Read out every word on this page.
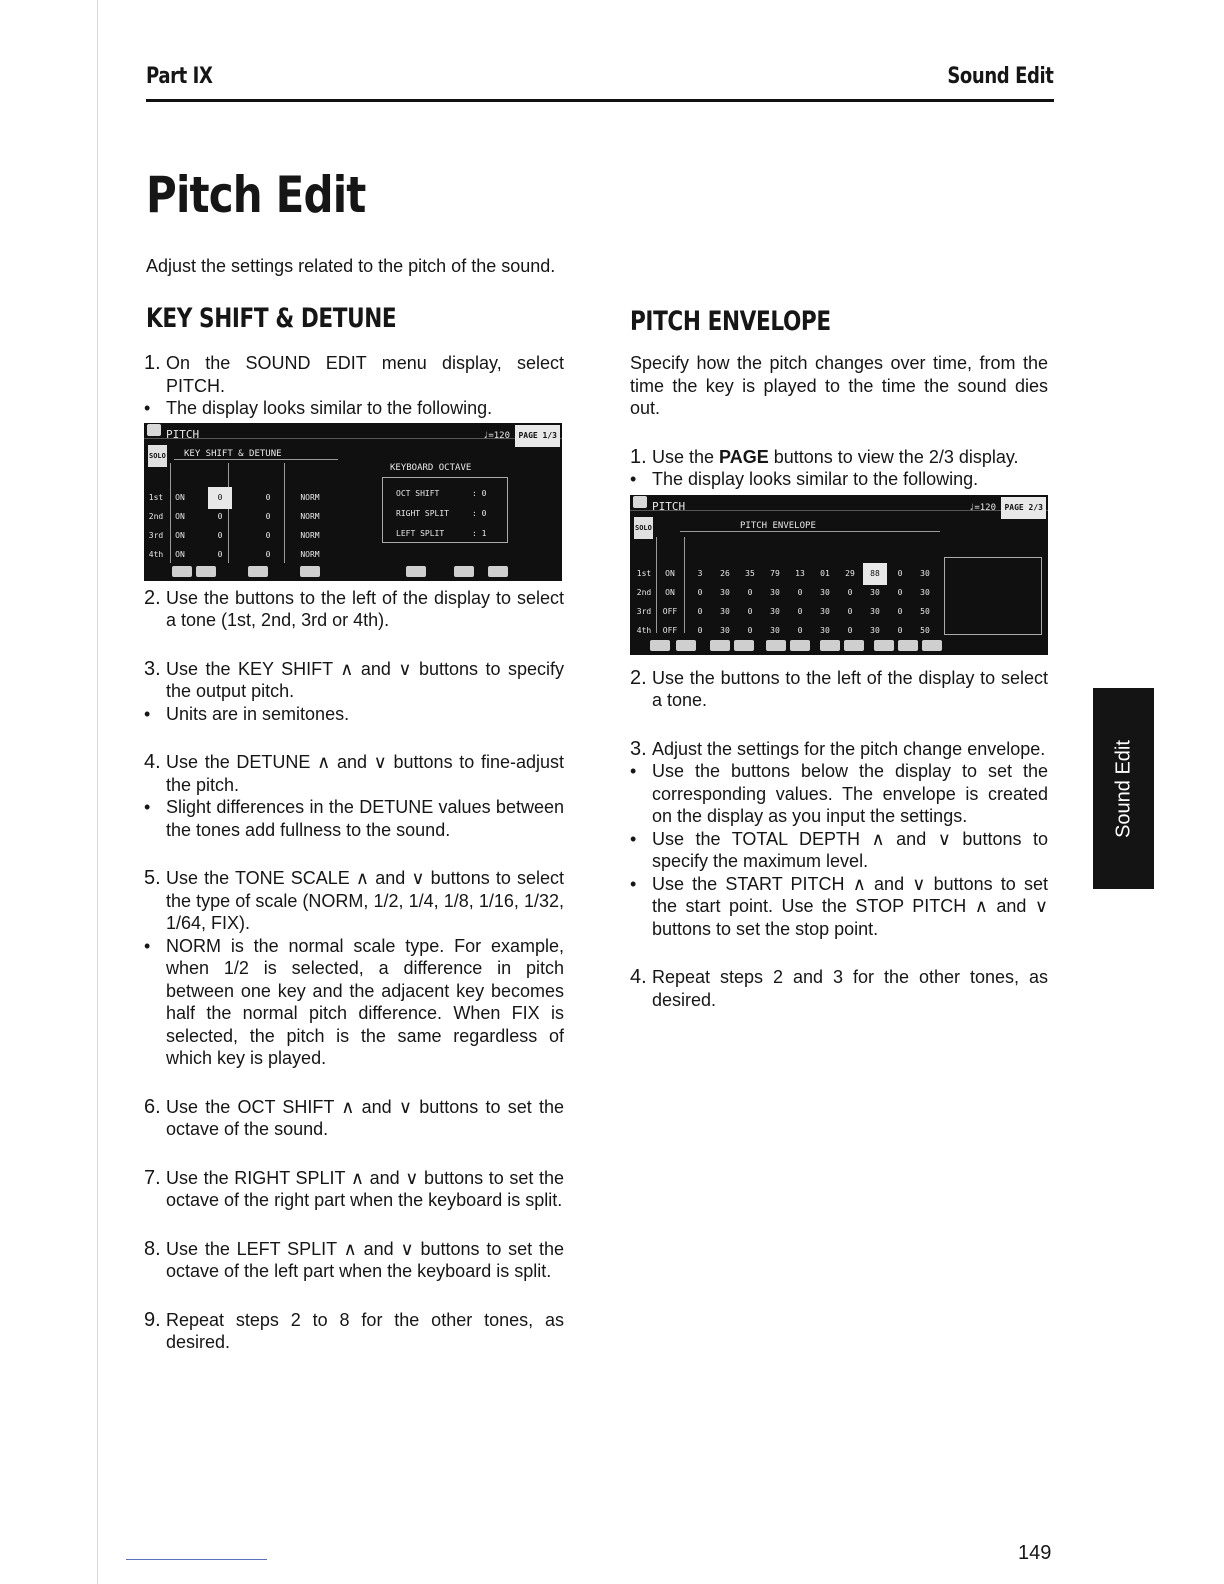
Part IX	Sound Edit
Pitch Edit
Adjust the settings related to the pitch of the sound.
KEY SHIFT & DETUNE	PITCH ENVELOPE
1. On the SOUND EDIT menu display, select PITCH.
• The display looks similar to the following.
PITCH	♩=120	PAGE 1/3
SOLO KEY SHIFT & DETUNE
1st	ON	0	0	NORM
2nd	ON	0	0	NORM
3rd	ON	0	0	NORM
4th	ON	0	0	NORM
KEYBOARD OCTAVE
OCT SHIFT	: 0
RIGHT SPLIT	: 0
LEFT SPLIT	: 1
2. Use the buttons to the left of the display to select a tone (1st, 2nd, 3rd or 4th).
3. Use the KEY SHIFT ∧ and ∨ buttons to specify the output pitch.
• Units are in semitones.
4. Use the DETUNE ∧ and ∨ buttons to fine-adjust the pitch.
• Slight differences in the DETUNE values between the tones add fullness to the sound.
5. Use the TONE SCALE ∧ and ∨ buttons to select the type of scale (NORM, 1/2, 1/4, 1/8, 1/16, 1/32, 1/64, FIX).
• NORM is the normal scale type. For example, when 1/2 is selected, a difference in pitch between one key and the adjacent key becomes half the normal pitch difference. When FIX is selected, the pitch is the same regardless of which key is played.
6. Use the OCT SHIFT ∧ and ∨ buttons to set the octave of the sound.
7. Use the RIGHT SPLIT ∧ and ∨ buttons to set the octave of the right part when the keyboard is split.
8. Use the LEFT SPLIT ∧ and ∨ buttons to set the octave of the left part when the keyboard is split.
9. Repeat steps 2 to 8 for the other tones, as desired.

Specify how the pitch changes over time, from the time the key is played to the time the sound dies out.

1. Use the PAGE buttons to view the 2/3 display.
• The display looks similar to the following.
PITCH	♩=120	PAGE 2/3
SOLO	PITCH ENVELOPE
1st	ON	3	26	35	79	13	01	29	88	0	30
2nd	ON	0	30	0	30	0	30	0	30	0	30
3rd	OFF	0	30	0	30	0	30	0	30	0	50
4th	OFF	0	30	0	30	0	30	0	30	0	50
2. Use the buttons to the left of the display to select a tone.
3. Adjust the settings for the pitch change envelope.
• Use the buttons below the display to set the corresponding values. The envelope is created on the display as you input the settings.
• Use the TOTAL DEPTH ∧ and ∨ buttons to specify the maximum level.
• Use the START PITCH ∧ and ∨ buttons to set the start point. Use the STOP PITCH ∧ and ∨ buttons to set the stop point.
4. Repeat steps 2 and 3 for the other tones, as desired.
Sound Edit
149
